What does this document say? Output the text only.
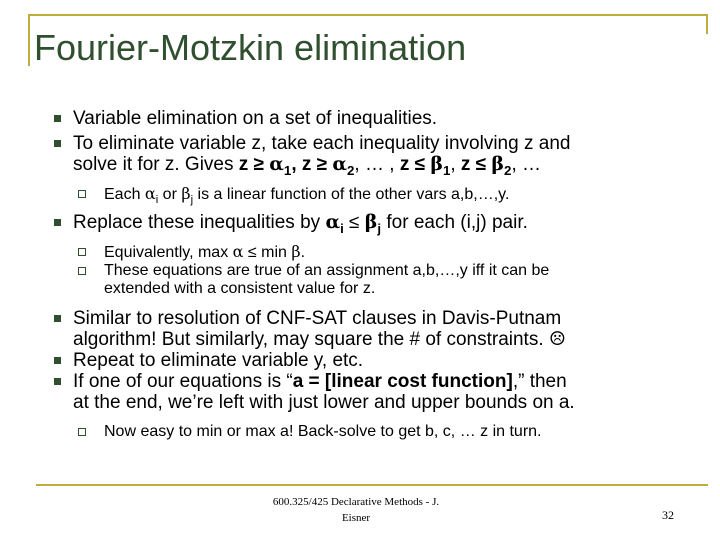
Fourier-Motzkin elimination
Variable elimination on a set of inequalities.
To eliminate variable z, take each inequality involving z and
solve it for z. Gives $z \ge \alpha_1$, $z \ge \alpha_2$, … , $z \le \beta_1$, $z \le \beta_2$, …
Each $\alpha_i$ or $\beta_j$ is a linear function of the other vars a,b,…,y.
Replace these inequalities by $\alpha_i \le \beta_j$ for each (i,j) pair.
Equivalently, max α ≤ min β.
These equations are true of an assignment a,b,…,y iff it can be
extended with a consistent value for z.
Similar to resolution of CNF-SAT clauses in Davis-Putnam
algorithm! But similarly, may square the # of constraints. ☹
Repeat to eliminate variable y, etc.
If one of our equations is “a = [linear cost function],” then
at the end, we’re left with just lower and upper bounds on a.
Now easy to min or max a! Back-solve to get b, c, … z in turn.
600.325/425 Declarative Methods - J.
Eisner	32
